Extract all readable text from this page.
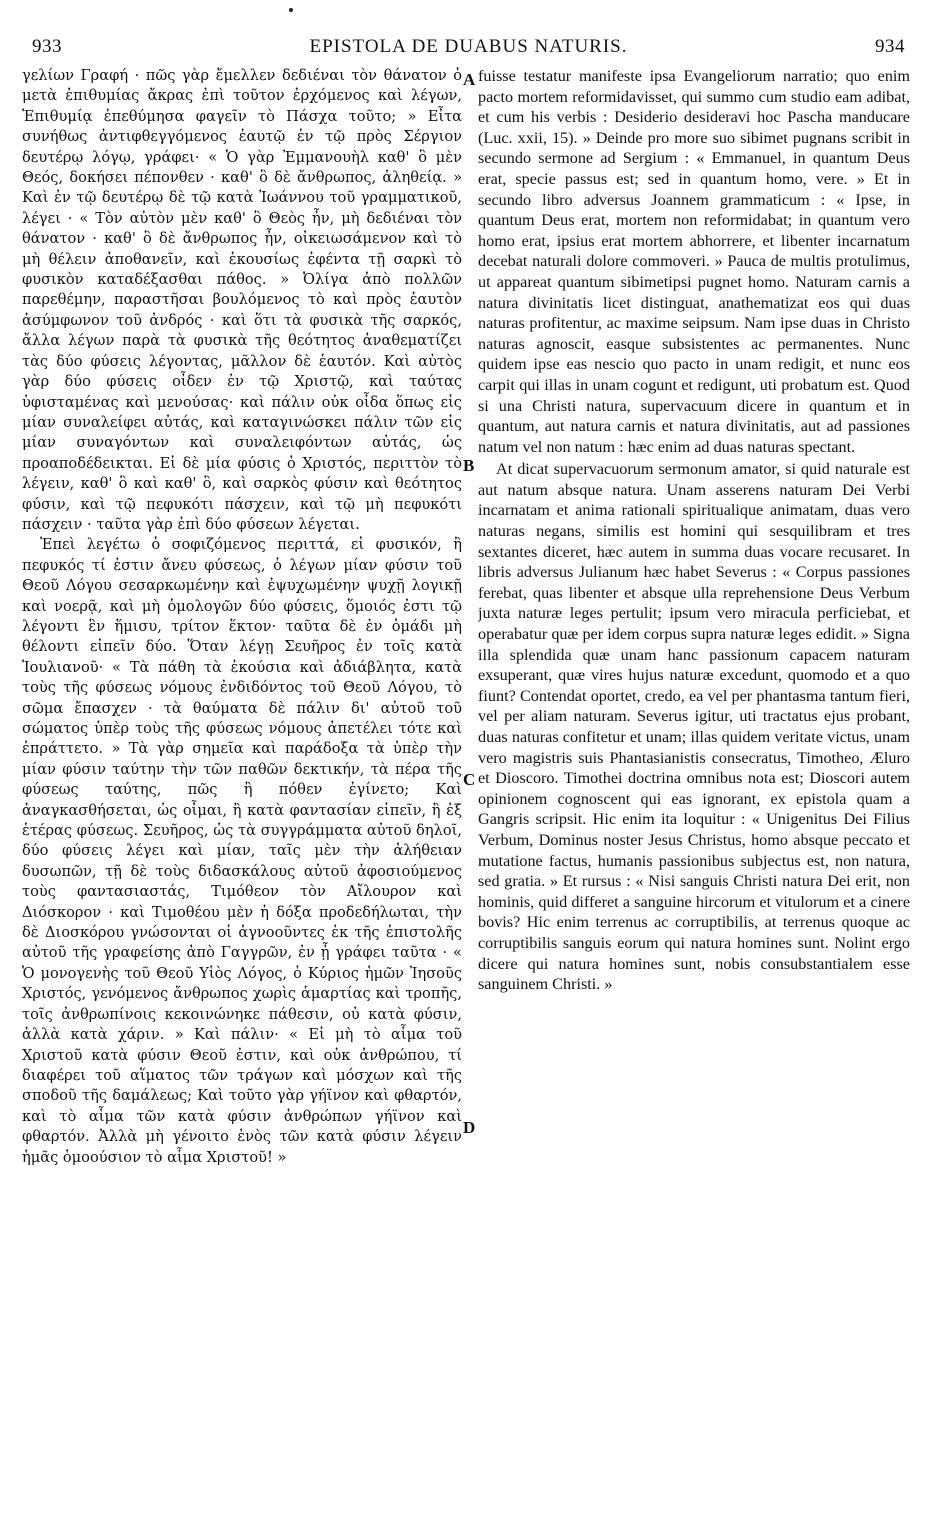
933	EPISTOLA DE DUABUS NATURIS.	934

γελίων Γραφή · πῶς γὰρ ἔμελλεν δεδιέναι τὸν θάνατον ὁ μετὰ ἐπιθυμίας ἄκρας ἐπὶ τοῦτον ἐρχόμενος καὶ λέγων, Ἐπιθυμίᾳ ἐπεθύμησα φαγεῖν τὸ Πάσχα τοῦτο; » Εἶτα συνήθως ἀντιφθεγγόμενος ἑαυτῷ ἐν τῷ πρὸς Σέργιον δευτέρῳ λόγῳ, γράφει· « Ὁ γὰρ Ἐμμανουὴλ καθ' ὃ μὲν Θεός, δοκήσει πέπονθεν · καθ' ὃ δὲ ἄνθρωπος, ἀληθείᾳ. » Καὶ ἐν τῷ δευτέρῳ δὲ τῷ κατὰ Ἰωάννου τοῦ γραμματικοῦ, λέγει · « Τὸν αὐτὸν μὲν καθ' ὃ Θεὸς ἦν, μὴ δεδιέναι τὸν θάνατον · καθ' ὃ δὲ ἄνθρωπος ἦν, οἰκειωσάμενον καὶ τὸ μὴ θέλειν ἀποθανεῖν, καὶ ἑκουσίως ἐφέντα τῇ σαρκὶ τὸ φυσικὸν καταδέξασθαι πάθος. » Ὀλίγα ἀπὸ πολλῶν παρεθέμην, παραστῆσαι βουλόμενος τὸ καὶ πρὸς ἑαυτὸν ἀσύμφωνον τοῦ ἀνδρός · καὶ ὅτι τὰ φυσικὰ τῆς σαρκός, ἄλλα λέγων παρὰ τὰ φυσικὰ τῆς θεότητος ἀναθεματίζει τὰς δύο φύσεις λέγοντας, μᾶλλον δὲ ἑαυτόν. Καὶ αὐτὸς γὰρ δύο φύσεις οἶδεν ἐν τῷ Χριστῷ, καὶ ταύτας ὑφισταμένας καὶ μενούσας· καὶ πάλιν οὐκ οἶδα ὅπως εἰς μίαν συναλείφει αὐτάς, καὶ καταγινώσκει πάλιν τῶν εἰς μίαν συναγόντων καὶ συναλειφόντων αὐτάς, ὡς προαποδέδεικται. Εἰ δὲ μία φύσις ὁ Χριστός, περιττὸν τὸ λέγειν, καθ' ὃ καὶ καθ' ὃ, καὶ σαρκὸς φύσιν καὶ θεότητος φύσιν, καὶ τῷ πεφυκότι πάσχειν, καὶ τῷ μὴ πεφυκότι πάσχειν · ταῦτα γὰρ ἐπὶ δύο φύσεων λέγεται.

Ἐπεὶ λεγέτω ὁ σοφιζόμενος περιττά, εἰ φυσικόν, ἢ πεφυκός τί ἐστιν ἄνευ φύσεως, ὁ λέγων μίαν φύσιν τοῦ Θεοῦ Λόγου σεσαρκωμένην καὶ ἐψυχωμένην ψυχῇ λογικῇ καὶ νοερᾷ, καὶ μὴ ὁμολογῶν δύο φύσεις, ὅμοιός ἐστι τῷ λέγοντι ἓν ἥμισυ, τρίτον ἕκτον· ταῦτα δὲ ἐν ὁμάδι μὴ θέλοντι εἰπεῖν δύο. Ὅταν λέγῃ Σευῆρος ἐν τοῖς κατὰ Ἰουλιανοῦ· « Τὰ πάθη τὰ ἑκούσια καὶ ἀδιάβλητα, κατὰ τοὺς τῆς φύσεως νόμους ἐνδιδόντος τοῦ Θεοῦ Λόγου, τὸ σῶμα ἔπασχεν · τὰ θαύματα δὲ πάλιν δι' αὐτοῦ τοῦ σώματος ὑπὲρ τοὺς τῆς φύσεως νόμους ἀπετέλει τότε καὶ ἐπράττετο. » Τὰ γὰρ σημεῖα καὶ παράδοξα τὰ ὑπὲρ τὴν μίαν φύσιν ταύτην τὴν τῶν παθῶν δεκτικήν, τὰ πέρα τῆς φύσεως ταύτης, πῶς ἢ πόθεν ἐγίνετο; Καὶ ἀναγκασθήσεται, ὡς οἶμαι, ἢ κατὰ φαντασίαν εἰπεῖν, ἢ ἐξ ἑτέρας φύσεως. Σευῆρος, ὡς τὰ συγγράμματα αὐτοῦ δηλοῖ, δύο φύσεις λέγει καὶ μίαν, ταῖς μὲν τὴν ἀλήθειαν δυσωπῶν, τῇ δὲ τοὺς διδασκάλους αὐτοῦ ἀφοσιούμενος τοὺς φαντασιαστάς, Τιμόθεον τὸν Αἴλουρον καὶ Διόσκορον · καὶ Τιμοθέου μὲν ἡ δόξα προδεδήλωται, τὴν δὲ Διοσκόρου γνώσονται οἱ ἀγνοοῦντες ἐκ τῆς ἐπιστολῆς αὐτοῦ τῆς γραφείσης ἀπὸ Γαγγρῶν, ἐν ᾗ γράφει ταῦτα · « Ὁ μονογενὴς τοῦ Θεοῦ Υἱὸς Λόγος, ὁ Κύριος ἡμῶν Ἰησοῦς Χριστός, γενόμενος ἄνθρωπος χωρὶς ἁμαρτίας καὶ τροπῆς, τοῖς ἀνθρωπίνοις κεκοινώνηκε πάθεσιν, οὐ κατὰ φύσιν, ἀλλὰ κατὰ χάριν. » Καὶ πάλιν· « Εἰ μὴ τὸ αἷμα τοῦ Χριστοῦ κατὰ φύσιν Θεοῦ ἐστιν, καὶ οὐκ ἀνθρώπου, τί διαφέρει τοῦ αἵματος τῶν τράγων καὶ μόσχων καὶ τῆς σποδοῦ τῆς δαμάλεως; Καὶ τοῦτο γὰρ γήϊνον καὶ φθαρτόν, καὶ τὸ αἷμα τῶν κατὰ φύσιν ἀνθρώπων γήϊνον καὶ φθαρτόν. Ἀλλὰ μὴ γένοιτο ἑνὸς τῶν κατὰ φύσιν λέγειν ἡμᾶς ὁμοούσιον τὸ αἷμα Χριστοῦ! »

A
B
C
D

fuisse testatur manifeste ipsa Evangeliorum narratio; quo enim pacto mortem reformidavisset, qui summo cum studio eam adibat, et cum his verbis : Desiderio desideravi hoc Pascha manducare (Luc. xxii, 15). » Deinde pro more suo sibimet pugnans scribit in secundo sermone ad Sergium : « Emmanuel, in quantum Deus erat, specie passus est; sed in quantum homo, vere. » Et in secundo libro adversus Joannem grammaticum : « Ipse, in quantum Deus erat, mortem non reformidabat; in quantum vero homo erat, ipsius erat mortem abhorrere, et libenter incarnatum decebat naturali dolore commoveri. » Pauca de multis protulimus, ut appareat quantum sibimetipsi pugnet homo. Naturam carnis a natura divinitatis licet distinguat, anathematizat eos qui duas naturas profitentur, ac maxime seipsum. Nam ipse duas in Christo naturas agnoscit, easque subsistentes ac permanentes. Nunc quidem ipse eas nescio quo pacto in unam redigit, et nunc eos carpit qui illas in unam cogunt et redigunt, uti probatum est. Quod si una Christi natura, supervacuum dicere in quantum et in quantum, aut natura carnis et natura divinitatis, aut ad passiones natum vel non natum : hæc enim ad duas naturas spectant.

At dicat supervacuorum sermonum amator, si quid naturale est aut natum absque natura. Unam asserens naturam Dei Verbi incarnatam et anima rationali spiritualique animatam, duas vero naturas negans, similis est homini qui sesquilibram et tres sextantes diceret, hæc autem in summa duas vocare recusaret. In libris adversus Julianum hæc habet Severus : « Corpus passiones ferebat, quas libenter et absque ulla reprehensione Deus Verbum juxta naturæ leges pertulit; ipsum vero miracula perficiebat, et operabatur quæ per idem corpus supra naturæ leges edidit. » Signa illa splendida quæ unam hanc passionum capacem naturam exsuperant, quæ vires hujus naturæ excedunt, quomodo et a quo fiunt? Contendat oportet, credo, ea vel per phantasma tantum fieri, vel per aliam naturam. Severus igitur, uti tractatus ejus probant, duas naturas confitetur et unam; illas quidem veritate victus, unam vero magistris suis Phantasianistis consecratus, Timotheo, Æluro et Dioscoro. Timothei doctrina omnibus nota est; Dioscori autem opinionem cognoscent qui eas ignorant, ex epistola quam a Gangris scripsit. Hic enim ita loquitur : « Unigenitus Dei Filius Verbum, Dominus noster Jesus Christus, homo absque peccato et mutatione factus, humanis passionibus subjectus est, non natura, sed gratia. » Et rursus : « Nisi sanguis Christi natura Dei erit, non hominis, quid differet a sanguine hircorum et vitulorum et a cinere bovis? Hic enim terrenus ac corruptibilis, at terrenus quoque ac corruptibilis sanguis eorum qui natura homines sunt. Nolint ergo dicere qui natura homines sunt, nobis consubstantialem esse sanguinem Christi. »
